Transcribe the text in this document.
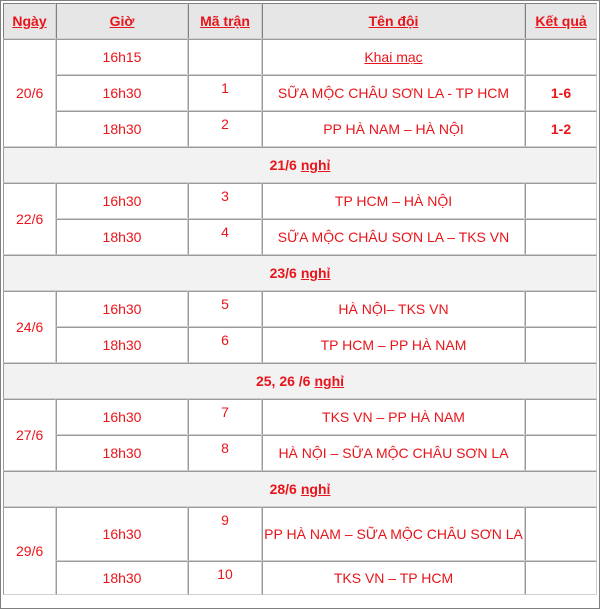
Ngày	Giờ	Mã trận	Tên đội	Kết quả
20/6	16h15		Khai mạc	
	16h30	1	SỮA MỘC CHÂU SƠN LA - TP HCM	1-6
	18h30	2	PP HÀ NAM – HÀ NỘI	1-2
21/6 nghỉ				
22/6	16h30	3	TP HCM – HÀ NỘI	
	18h30	4	SỮA MỘC CHÂU SƠN LA – TKS VN	
23/6 nghỉ				
24/6	16h30	5	HÀ NỘI– TKS VN	
	18h30	6	TP HCM – PP HÀ NAM	
25, 26 /6 nghỉ				
27/6	16h30	7	TKS VN – PP HÀ NAM	
	18h30	8	HÀ NỘI – SỮA MỘC CHÂU SƠN LA	
28/6 nghỉ				
29/6	16h30	9	PP HÀ NAM – SỮA MỘC CHÂU SƠN LA	
	18h30	10	TKS VN – TP HCM	
